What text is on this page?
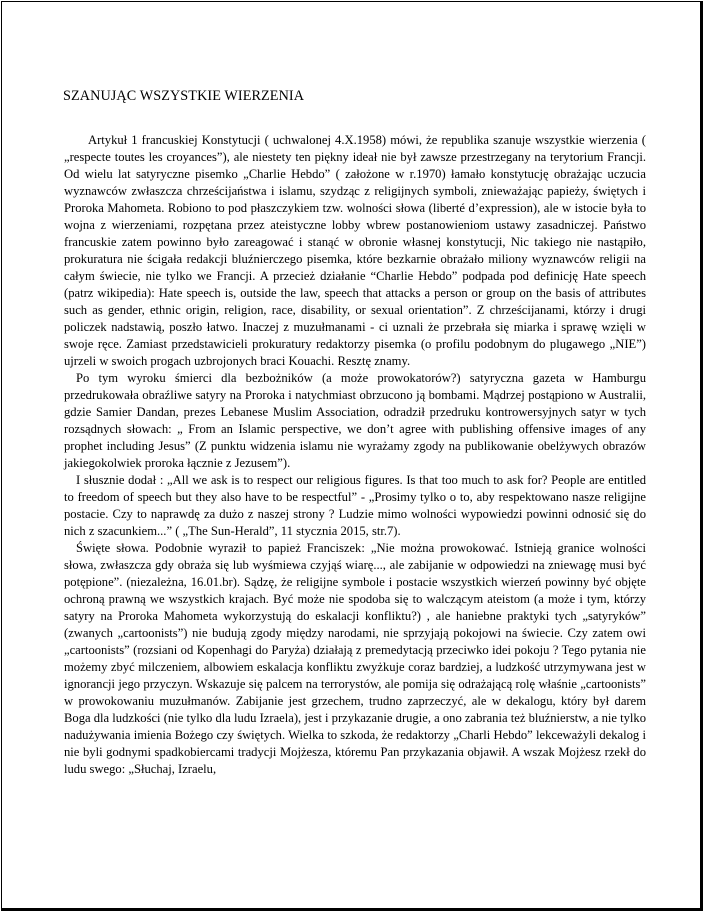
SZANUJĄC WSZYSTKIE WIERZENIA

Artykuł 1 francuskiej Konstytucji ( uchwalonej 4.X.1958) mówi, że republika szanuje wszystkie wierzenia ( „respecte toutes les croyances”), ale niestety ten piękny ideał nie był zawsze przestrzegany na terytorium Francji. Od wielu lat satyryczne pisemko „Charlie Hebdo” ( założone w r.1970) łamało konstytucję obrażając uczucia wyznawców zwłaszcza chrześcijaństwa i islamu, szydząc z religijnych symboli, znieważając papieży, świętych i Proroka Mahometa. Robiono to pod płaszczykiem tzw. wolności słowa (liberté d’expression), ale w istocie była to wojna z wierzeniami, rozpętana przez ateistyczne lobby wbrew postanowieniom ustawy zasadniczej. Państwo francuskie zatem powinno było zareagować i stanąć w obronie własnej konstytucji, Nic takiego nie nastąpiło, prokuratura nie ścigała redakcji bluźnierczego pisemka, które bezkarnie obrażało miliony wyznawców religii na całym świecie, nie tylko we Francji. A przecież działanie “Charlie Hebdo” podpada pod definicję Hate speech (patrz wikipedia): Hate speech is, outside the law, speech that attacks a person or group on the basis of attributes such as gender, ethnic origin, religion, race, disability, or sexual orientation”. Z chrześcijanami, którzy i drugi policzek nadstawią, poszło łatwo. Inaczej z muzułmanami - ci uznali że przebrała się miarka i sprawę wzięli w swoje ręce. Zamiast przedstawicieli prokuratury redaktorzy pisemka (o profilu podobnym do plugawego „NIE”) ujrzeli w swoich progach uzbrojonych braci Kouachi. Resztę znamy.

Po tym wyroku śmierci dla bezbożników (a może prowokatorów?) satyryczna gazeta w Hamburgu przedrukowała obraźliwe satyry na Proroka i natychmiast obrzucono ją bombami. Mądrzej postąpiono w Australii, gdzie Samier Dandan, prezes Lebanese Muslim Association, odradził przedruku kontrowersyjnych satyr w tych rozsądnych słowach: „ From an Islamic perspective, we don’t agree with publishing offensive images of any prophet including Jesus” (Z punktu widzenia islamu nie wyrażamy zgody na publikowanie obelżywych obrazów jakiegokolwiek proroka łącznie z Jezusem”).

I słusznie dodał : „All we ask is to respect our religious figures. Is that too much to ask for? People are entitled to freedom of speech but they also have to be respectful” - „Prosimy tylko o to, aby respektowano nasze religijne postacie. Czy to naprawdę za dużo z naszej strony ? Ludzie mimo wolności wypowiedzi powinni odnosić się do nich z szacunkiem...” ( „The Sun-Herald”, 11 stycznia 2015, str.7).

Święte słowa. Podobnie wyraził to papież Franciszek: „Nie można prowokować. Istnieją granice wolności słowa, zwłaszcza gdy obraża się lub wyśmiewa czyjąś wiarę..., ale zabijanie w odpowiedzi na zniewagę musi być potępione”. (niezależna, 16.01.br). Sądzę, że religijne symbole i postacie wszystkich wierzeń powinny być objęte ochroną prawną we wszystkich krajach. Być może nie spodoba się to walczącym ateistom (a może i tym, którzy satyry na Proroka Mahometa wykorzystują do eskalacji konfliktu?) , ale haniebne praktyki tych „satyryków” (zwanych „cartoonists”) nie budują zgody między narodami, nie sprzyjają pokojowi na świecie. Czy zatem owi „cartoonists” (rozsiani od Kopenhagi do Paryża) działają z premedytacją przeciwko idei pokoju ? Tego pytania nie możemy zbyć milczeniem, albowiem eskalacja konfliktu zwyżkuje coraz bardziej, a ludzkość utrzymywana jest w ignorancji jego przyczyn. Wskazuje się palcem na terrorystów, ale pomija się odrażającą rolę właśnie „cartoonists” w prowokowaniu muzułmanów. Zabijanie jest grzechem, trudno zaprzeczyć, ale w dekalogu, który był darem Boga dla ludzkości (nie tylko dla ludu Izraela), jest i przykazanie drugie, a ono zabrania też bluźnierstw, a nie tylko nadużywania imienia Bożego czy świętych. Wielka to szkoda, że redaktorzy „Charli Hebdo” lekceważyli dekalog i nie byli godnymi spadkobiercami tradycji Mojżesza, któremu Pan przykazania objawił. A wszak Mojżesz rzekł do ludu swego: „Słuchaj, Izraelu,
